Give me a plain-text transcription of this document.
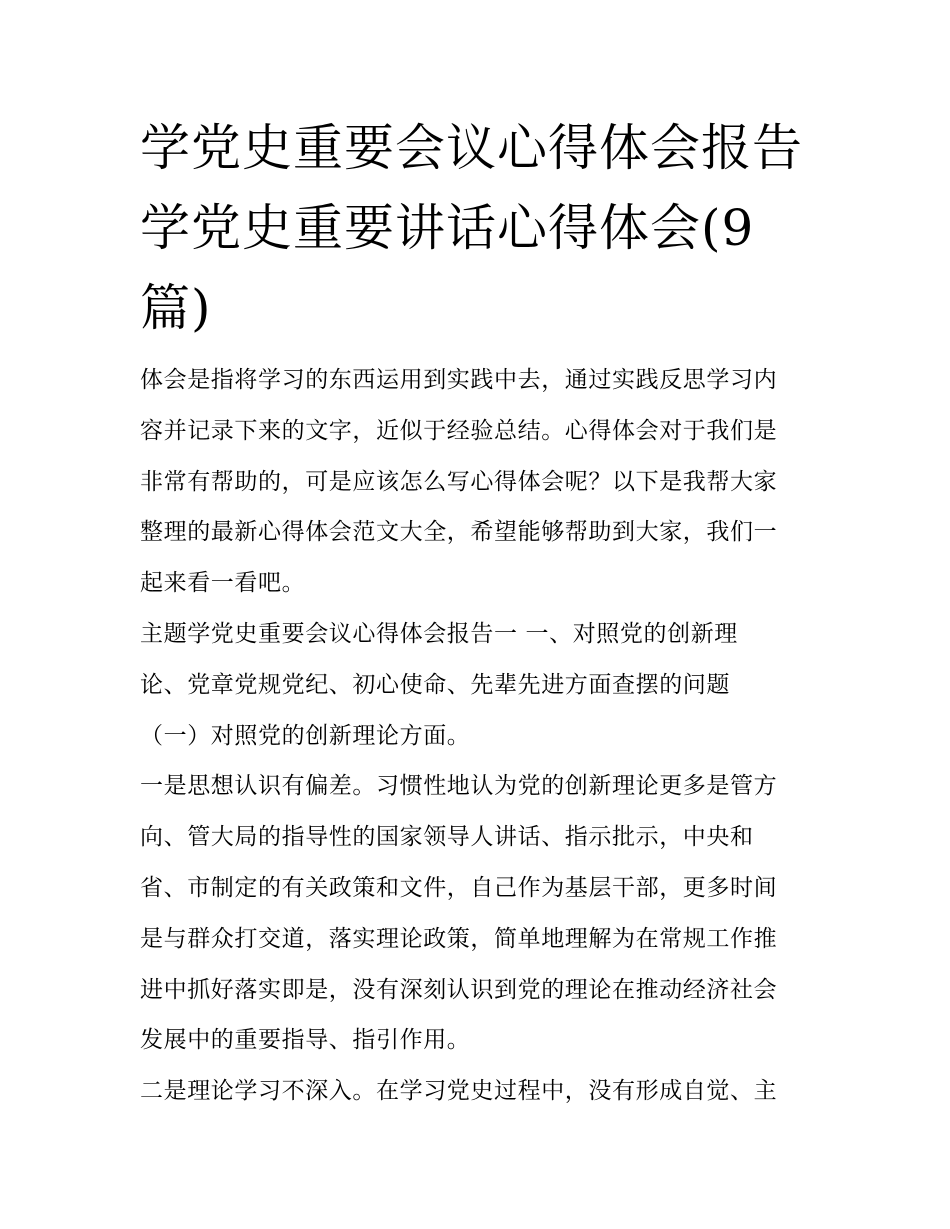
学党史重要会议心得体会报告
学党史重要讲话心得体会(9
篇)

体会是指将学习的东西运用到实践中去，通过实践反思学习内
容并记录下来的文字，近似于经验总结。心得体会对于我们是
非常有帮助的，可是应该怎么写心得体会呢？以下是我帮大家
整理的最新心得体会范文大全，希望能够帮助到大家，我们一
起来看一看吧。

主题学党史重要会议心得体会报告一 一、对照党的创新理
论、党章党规党纪、初心使命、先辈先进方面查摆的问题
（一）对照党的创新理论方面。

一是思想认识有偏差。习惯性地认为党的创新理论更多是管方
向、管大局的指导性的国家领导人讲话、指示批示，中央和
省、市制定的有关政策和文件，自己作为基层干部，更多时间
是与群众打交道，落实理论政策，简单地理解为在常规工作推
进中抓好落实即是，没有深刻认识到党的理论在推动经济社会
发展中的重要指导、指引作用。

二是理论学习不深入。在学习党史过程中，没有形成自觉、主
